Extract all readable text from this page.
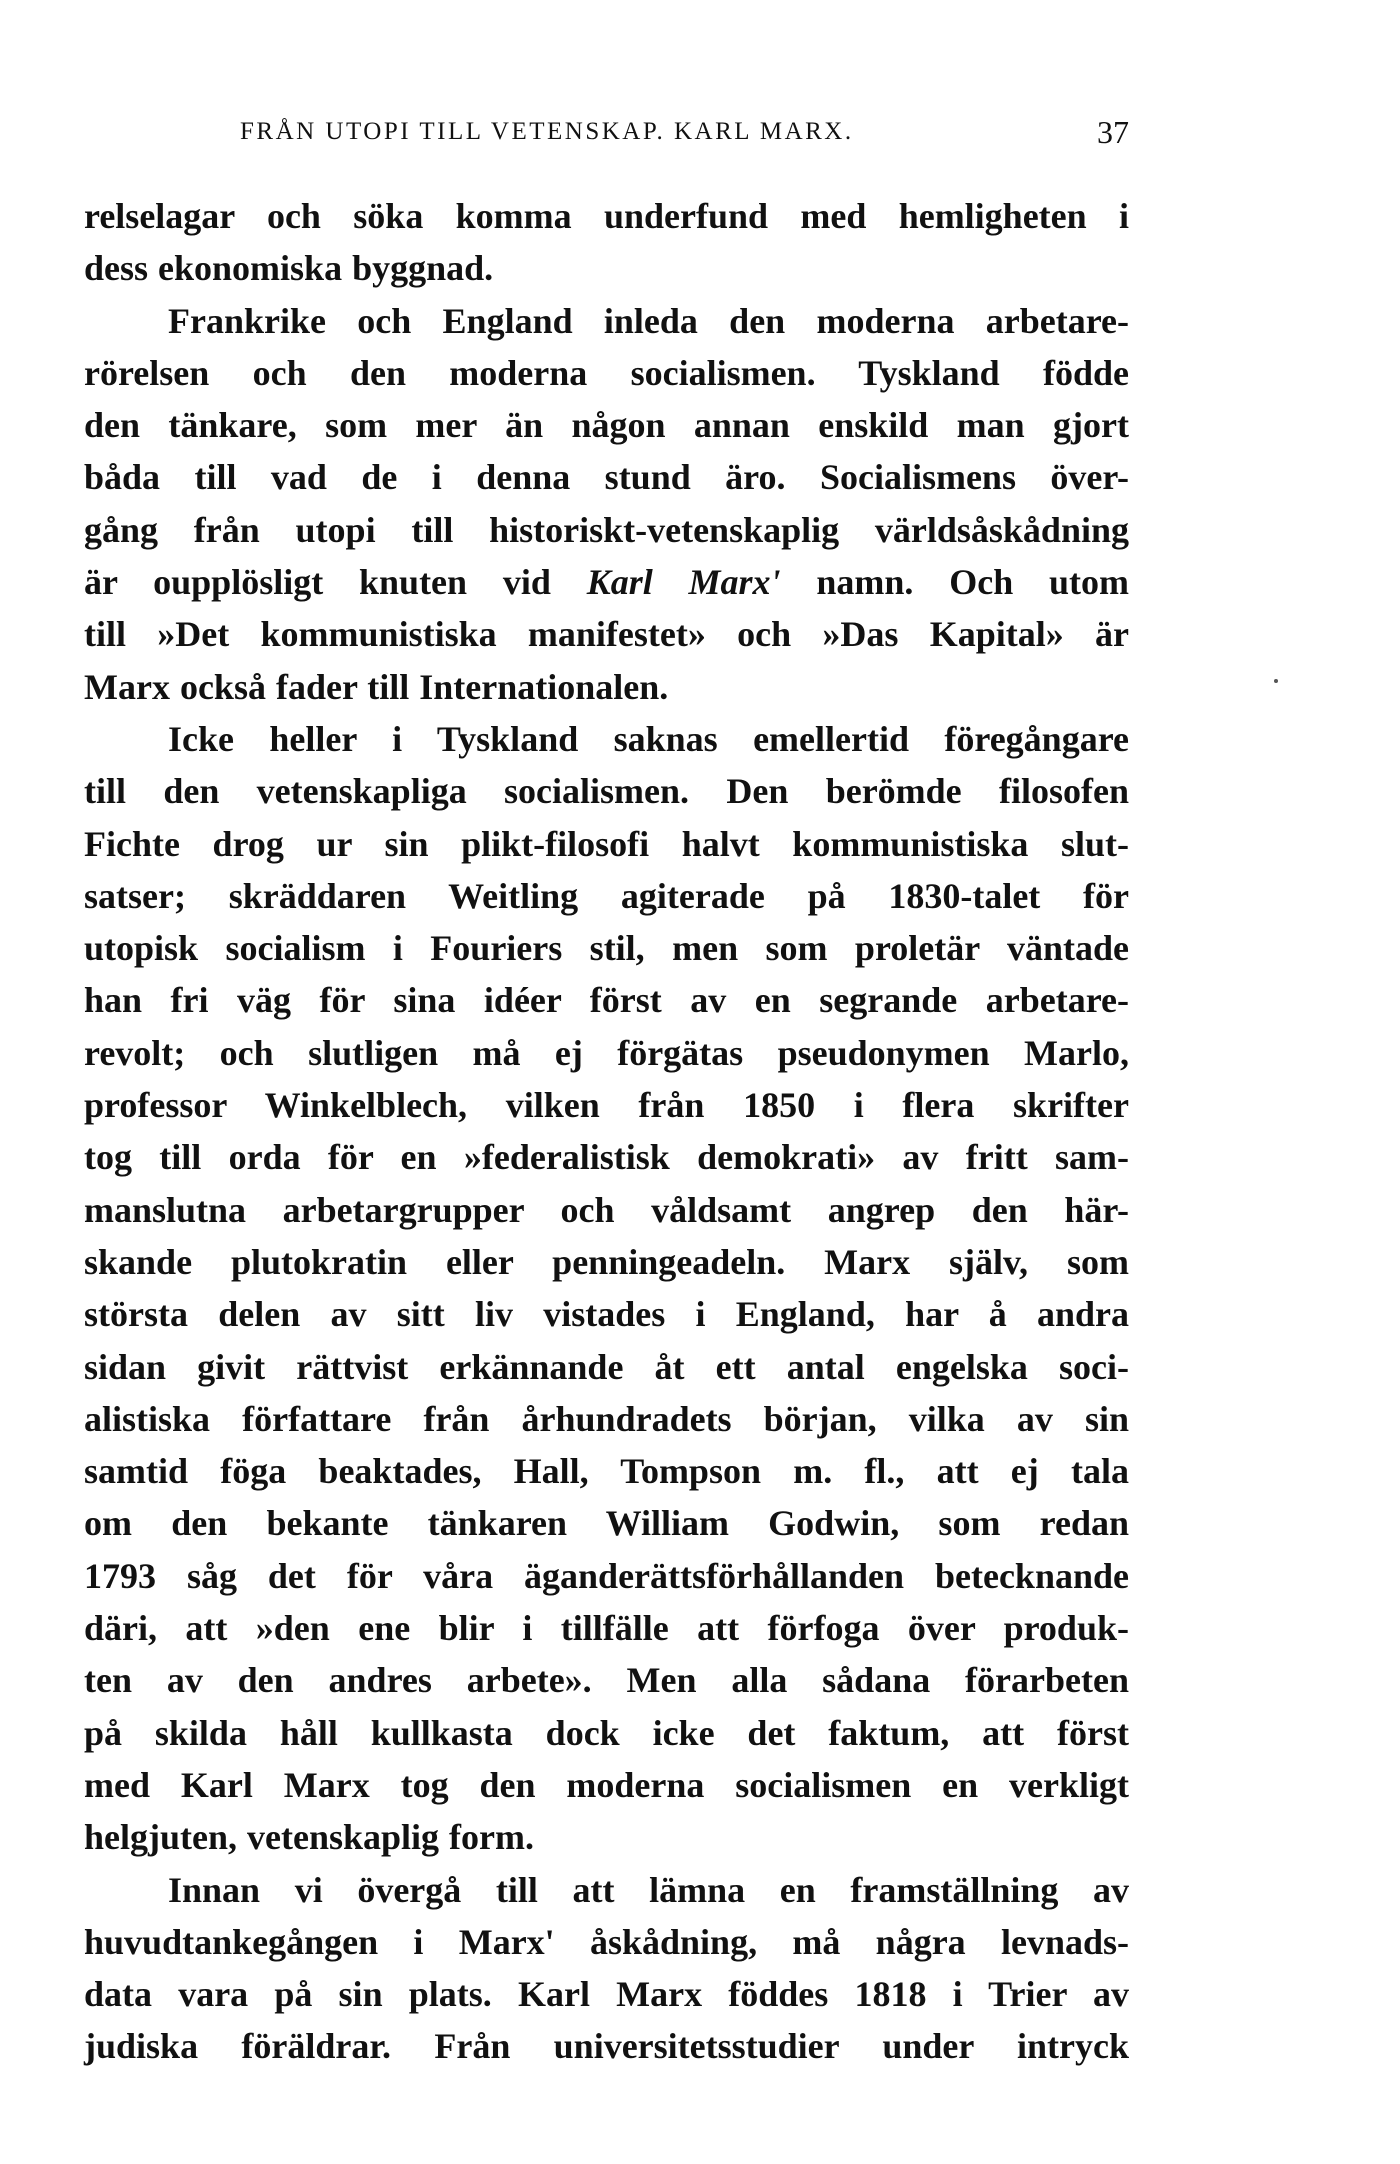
FRÅN UTOPI TILL VETENSKAP. KARL MARX.	37
relselagar och söka komma underfund med hemligheten i
dess ekonomiska byggnad.
Frankrike och England inleda den moderna arbetare-
rörelsen och den moderna socialismen. Tyskland födde
den tänkare, som mer än någon annan enskild man gjort
båda till vad de i denna stund äro. Socialismens över-
gång från utopi till historiskt-vetenskaplig världsåskådning
är oupplösligt knuten vid Karl Marx' namn. Och utom
till »Det kommunistiska manifestet» och »Das Kapital» är
Marx också fader till Internationalen.
Icke heller i Tyskland saknas emellertid föregångare
till den vetenskapliga socialismen. Den berömde filosofen
Fichte drog ur sin plikt-filosofi halvt kommunistiska slut-
satser; skräddaren Weitling agiterade på 1830-talet för
utopisk socialism i Fouriers stil, men som proletär väntade
han fri väg för sina idéer först av en segrande arbetare-
revolt; och slutligen må ej förgätas pseudonymen Marlo,
professor Winkelblech, vilken från 1850 i flera skrifter
tog till orda för en »federalistisk demokrati» av fritt sam-
manslutna arbetargrupper och våldsamt angrep den här-
skande plutokratin eller penningeadeln. Marx själv, som
största delen av sitt liv vistades i England, har å andra
sidan givit rättvist erkännande åt ett antal engelska soci-
alistiska författare från århundradets början, vilka av sin
samtid föga beaktades, Hall, Tompson m. fl., att ej tala
om den bekante tänkaren William Godwin, som redan
1793 såg det för våra äganderättsförhållanden betecknande
däri, att »den ene blir i tillfälle att förfoga över produk-
ten av den andres arbete». Men alla sådana förarbeten
på skilda håll kullkasta dock icke det faktum, att först
med Karl Marx tog den moderna socialismen en verkligt
helgjuten, vetenskaplig form.
Innan vi övergå till att lämna en framställning av
huvudtankegången i Marx' åskådning, må några levnads-
data vara på sin plats. Karl Marx föddes 1818 i Trier av
judiska föräldrar. Från universitetsstudier under intryck
